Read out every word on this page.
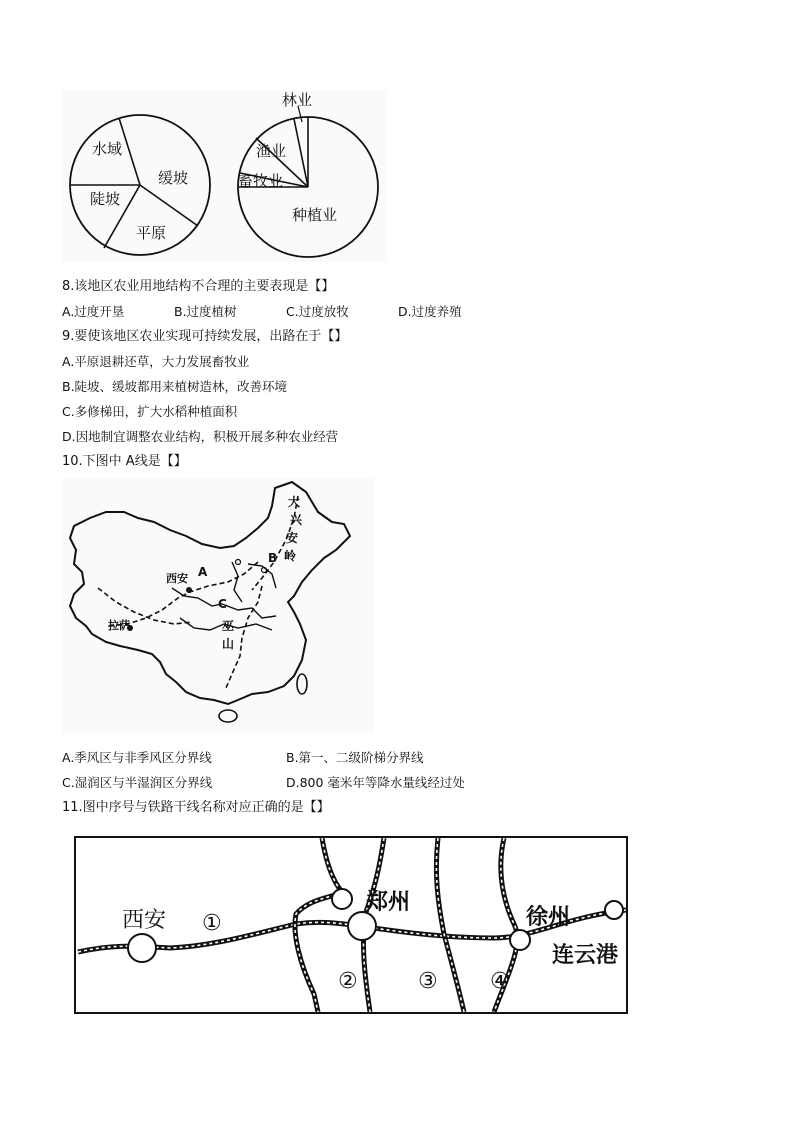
水域
缓坡
陡坡
平原
林业
渔业
畜牧业
种植业
8.该地区农业用地结构不合理的主要表现是【】
A.过度开垦	B.过度植树	C.过度放牧	D.过度养殖
9.要使该地区农业实现可持续发展，出路在于【】
A.平原退耕还草，大力发展畜牧业
B.陡坡、缓坡都用来植树造林，改善环境
C.多修梯田，扩大水稻种植面积
D.因地制宜调整农业结构，积极开展多种农业经营
10.下图中 A线是【】
大
兴
安
岭
B
A
西安
C
拉萨	巫
山
A.季风区与非季风区分界线	B.第一、二级阶梯分界线
C.湿润区与半湿润区分界线	D.800 毫米年等降水量线经过处
11.图中序号与铁路干线名称对应正确的是【】
西安 ①
郑州
徐州
连云港
②	③ ④
